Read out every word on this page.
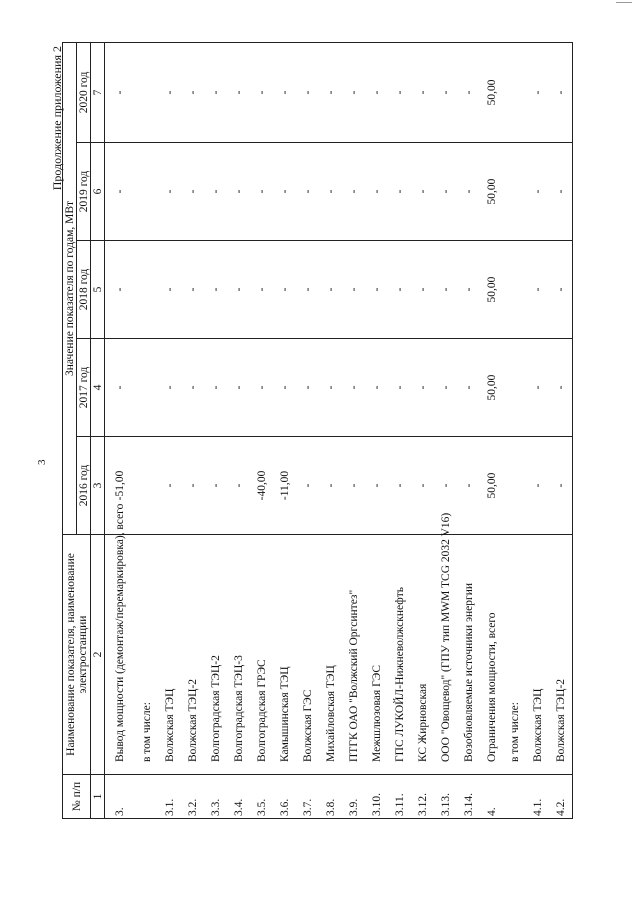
3
Продолжение приложения 2
№ п/п	Наименование показателя, наименование электростанции	Значение показателя по годам, МВт				
		2016 год	2017 год	2018 год	2019 год	2020 год
1	2	3	4	5	6	7
3.	Вывод мощности (демонтаж/перемаркировка), всего	-51,00	-	-	-	-
	в том числе:					
3.1.	Волжская ТЭЦ	-	-	-	-	-
3.2.	Волжская ТЭЦ-2	-	-	-	-	-
3.3.	Волгоградская ТЭЦ-2	-	-	-	-	-
3.4.	Волгоградская ТЭЦ-3	-	-	-	-	-
3.5.	Волгоградская ГРЭС	-40,00	-	-	-	-
3.6.	Камышинская ТЭЦ	-11,00	-	-	-	-
3.7.	Волжская ГЭС	-	-	-	-	-
3.8.	Михайловская ТЭЦ	-	-	-	-	-
3.9.	ПТГК ОАО "Волжский Оргсинтез"	-	-	-	-	-
3.10.	Межшлюзовая ГЭС	-	-	-	-	-
3.11.	ГПС ЛУКОЙЛ-Нижневолжскнефть	-	-	-	-	-
3.12.	КС Жирновская	-	-	-	-	-
3.13.	ООО "Овощевод" (ГПУ тип MWM TCG 2032 V16)	-	-	-	-	-
3.14.	Возобновляемые источники энергии	-	-	-	-	-
4.	Ограничения мощности, всего	50,00	50,00	50,00	50,00	50,00
	в том числе:					
4.1.	Волжская ТЭЦ	-	-	-	-	-
4.2.	Волжская ТЭЦ-2	-	-	-	-	-
